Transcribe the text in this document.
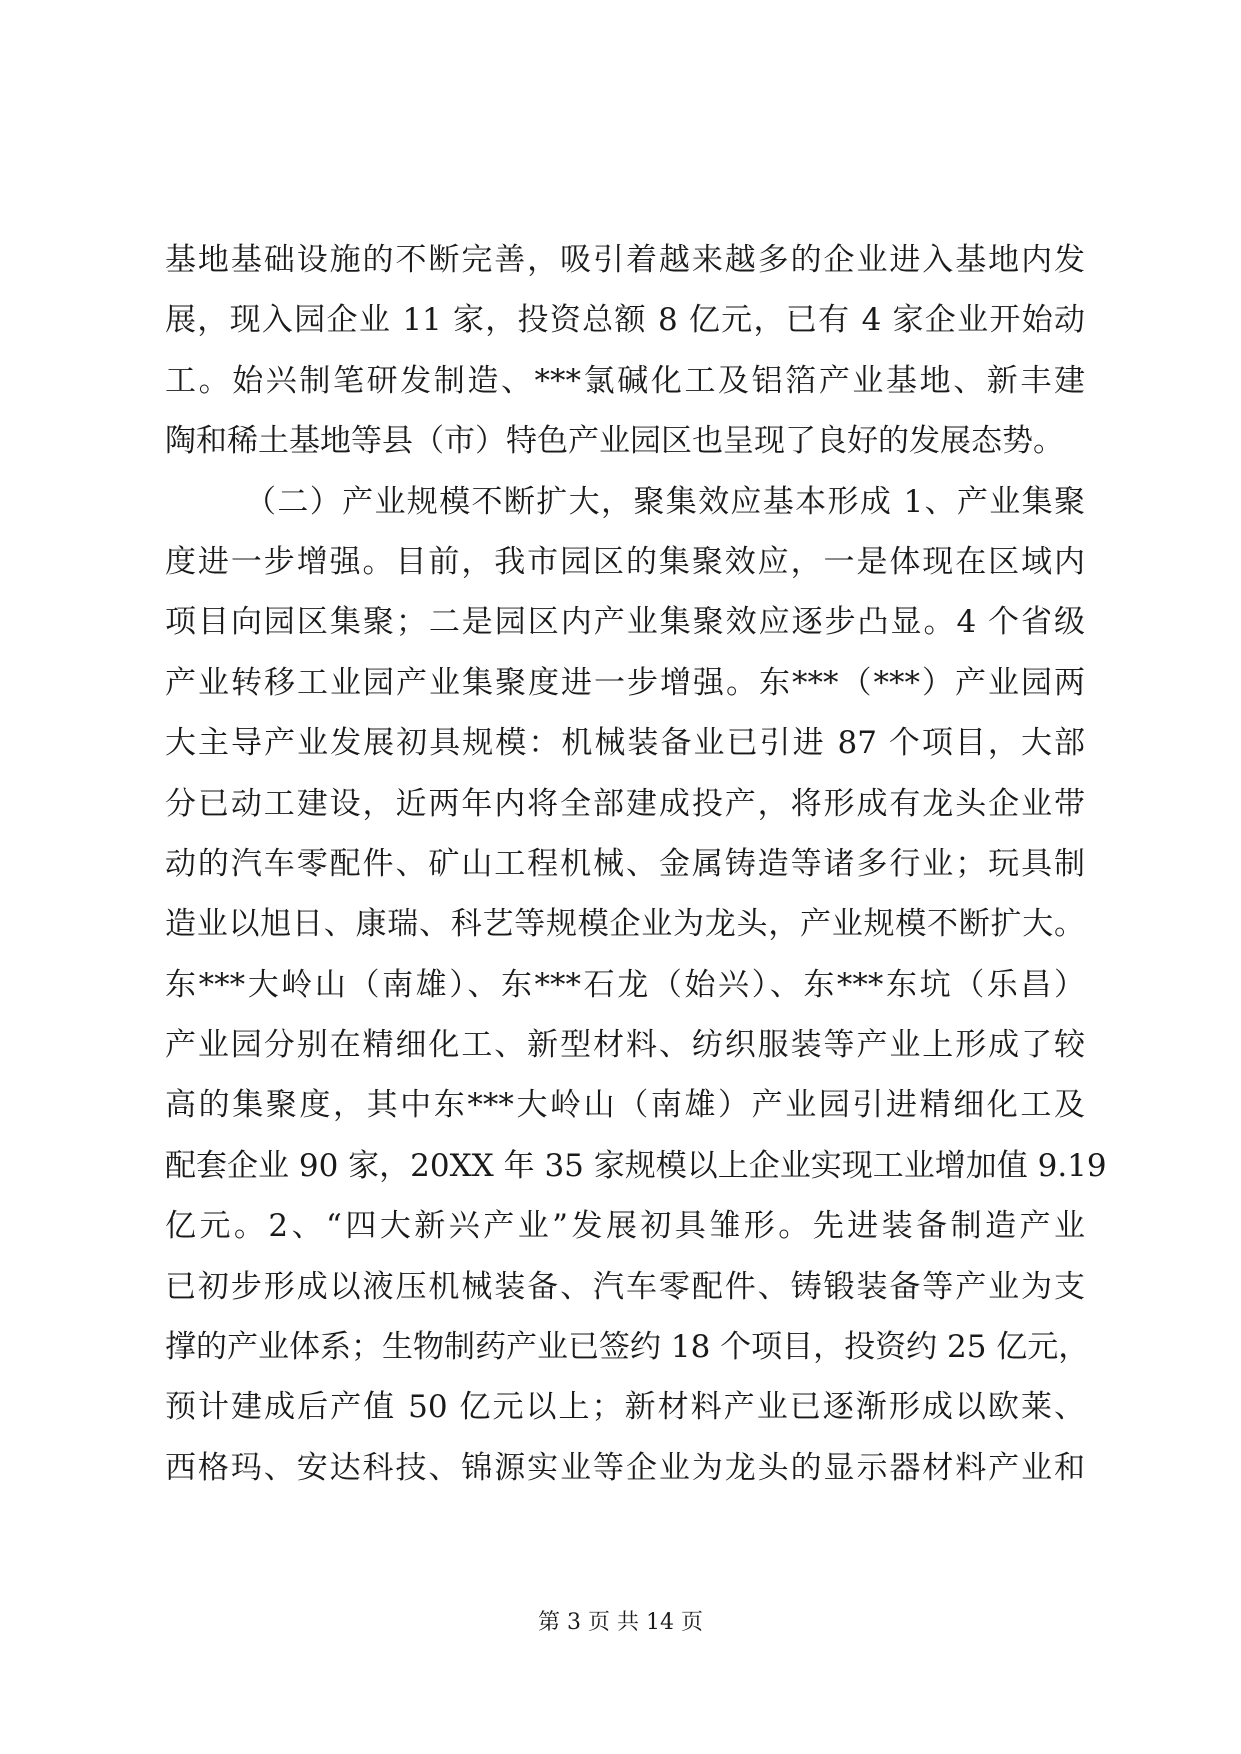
基地基础设施的不断完善，吸引着越来越多的企业进入基地内发
展，现入园企业 11 家，投资总额 8 亿元，已有 4 家企业开始动
工。始兴制笔研发制造、***氯碱化工及铝箔产业基地、新丰建
陶和稀土基地等县（市）特色产业园区也呈现了良好的发展态势。
（二）产业规模不断扩大，聚集效应基本形成 1、产业集聚
度进一步增强。目前，我市园区的集聚效应，一是体现在区域内
项目向园区集聚；二是园区内产业集聚效应逐步凸显。4 个省级
产业转移工业园产业集聚度进一步增强。东***（***）产业园两
大主导产业发展初具规模：机械装备业已引进 87 个项目，大部
分已动工建设，近两年内将全部建成投产，将形成有龙头企业带
动的汽车零配件、矿山工程机械、金属铸造等诸多行业；玩具制
造业以旭日、康瑞、科艺等规模企业为龙头，产业规模不断扩大。
东***大岭山（南雄）、东***石龙（始兴）、东***东坑（乐昌）
产业园分别在精细化工、新型材料、纺织服装等产业上形成了较
高的集聚度，其中东***大岭山（南雄）产业园引进精细化工及
配套企业 90 家，20XX 年 35 家规模以上企业实现工业增加值 9.19
亿元。2、“四大新兴产业”发展初具雏形。先进装备制造产业
已初步形成以液压机械装备、汽车零配件、铸锻装备等产业为支
撑的产业体系；生物制药产业已签约 18 个项目，投资约 25 亿元，
预计建成后产值 50 亿元以上；新材料产业已逐渐形成以欧莱、
西格玛、安达科技、锦源实业等企业为龙头的显示器材料产业和
第 3 页 共 14 页
